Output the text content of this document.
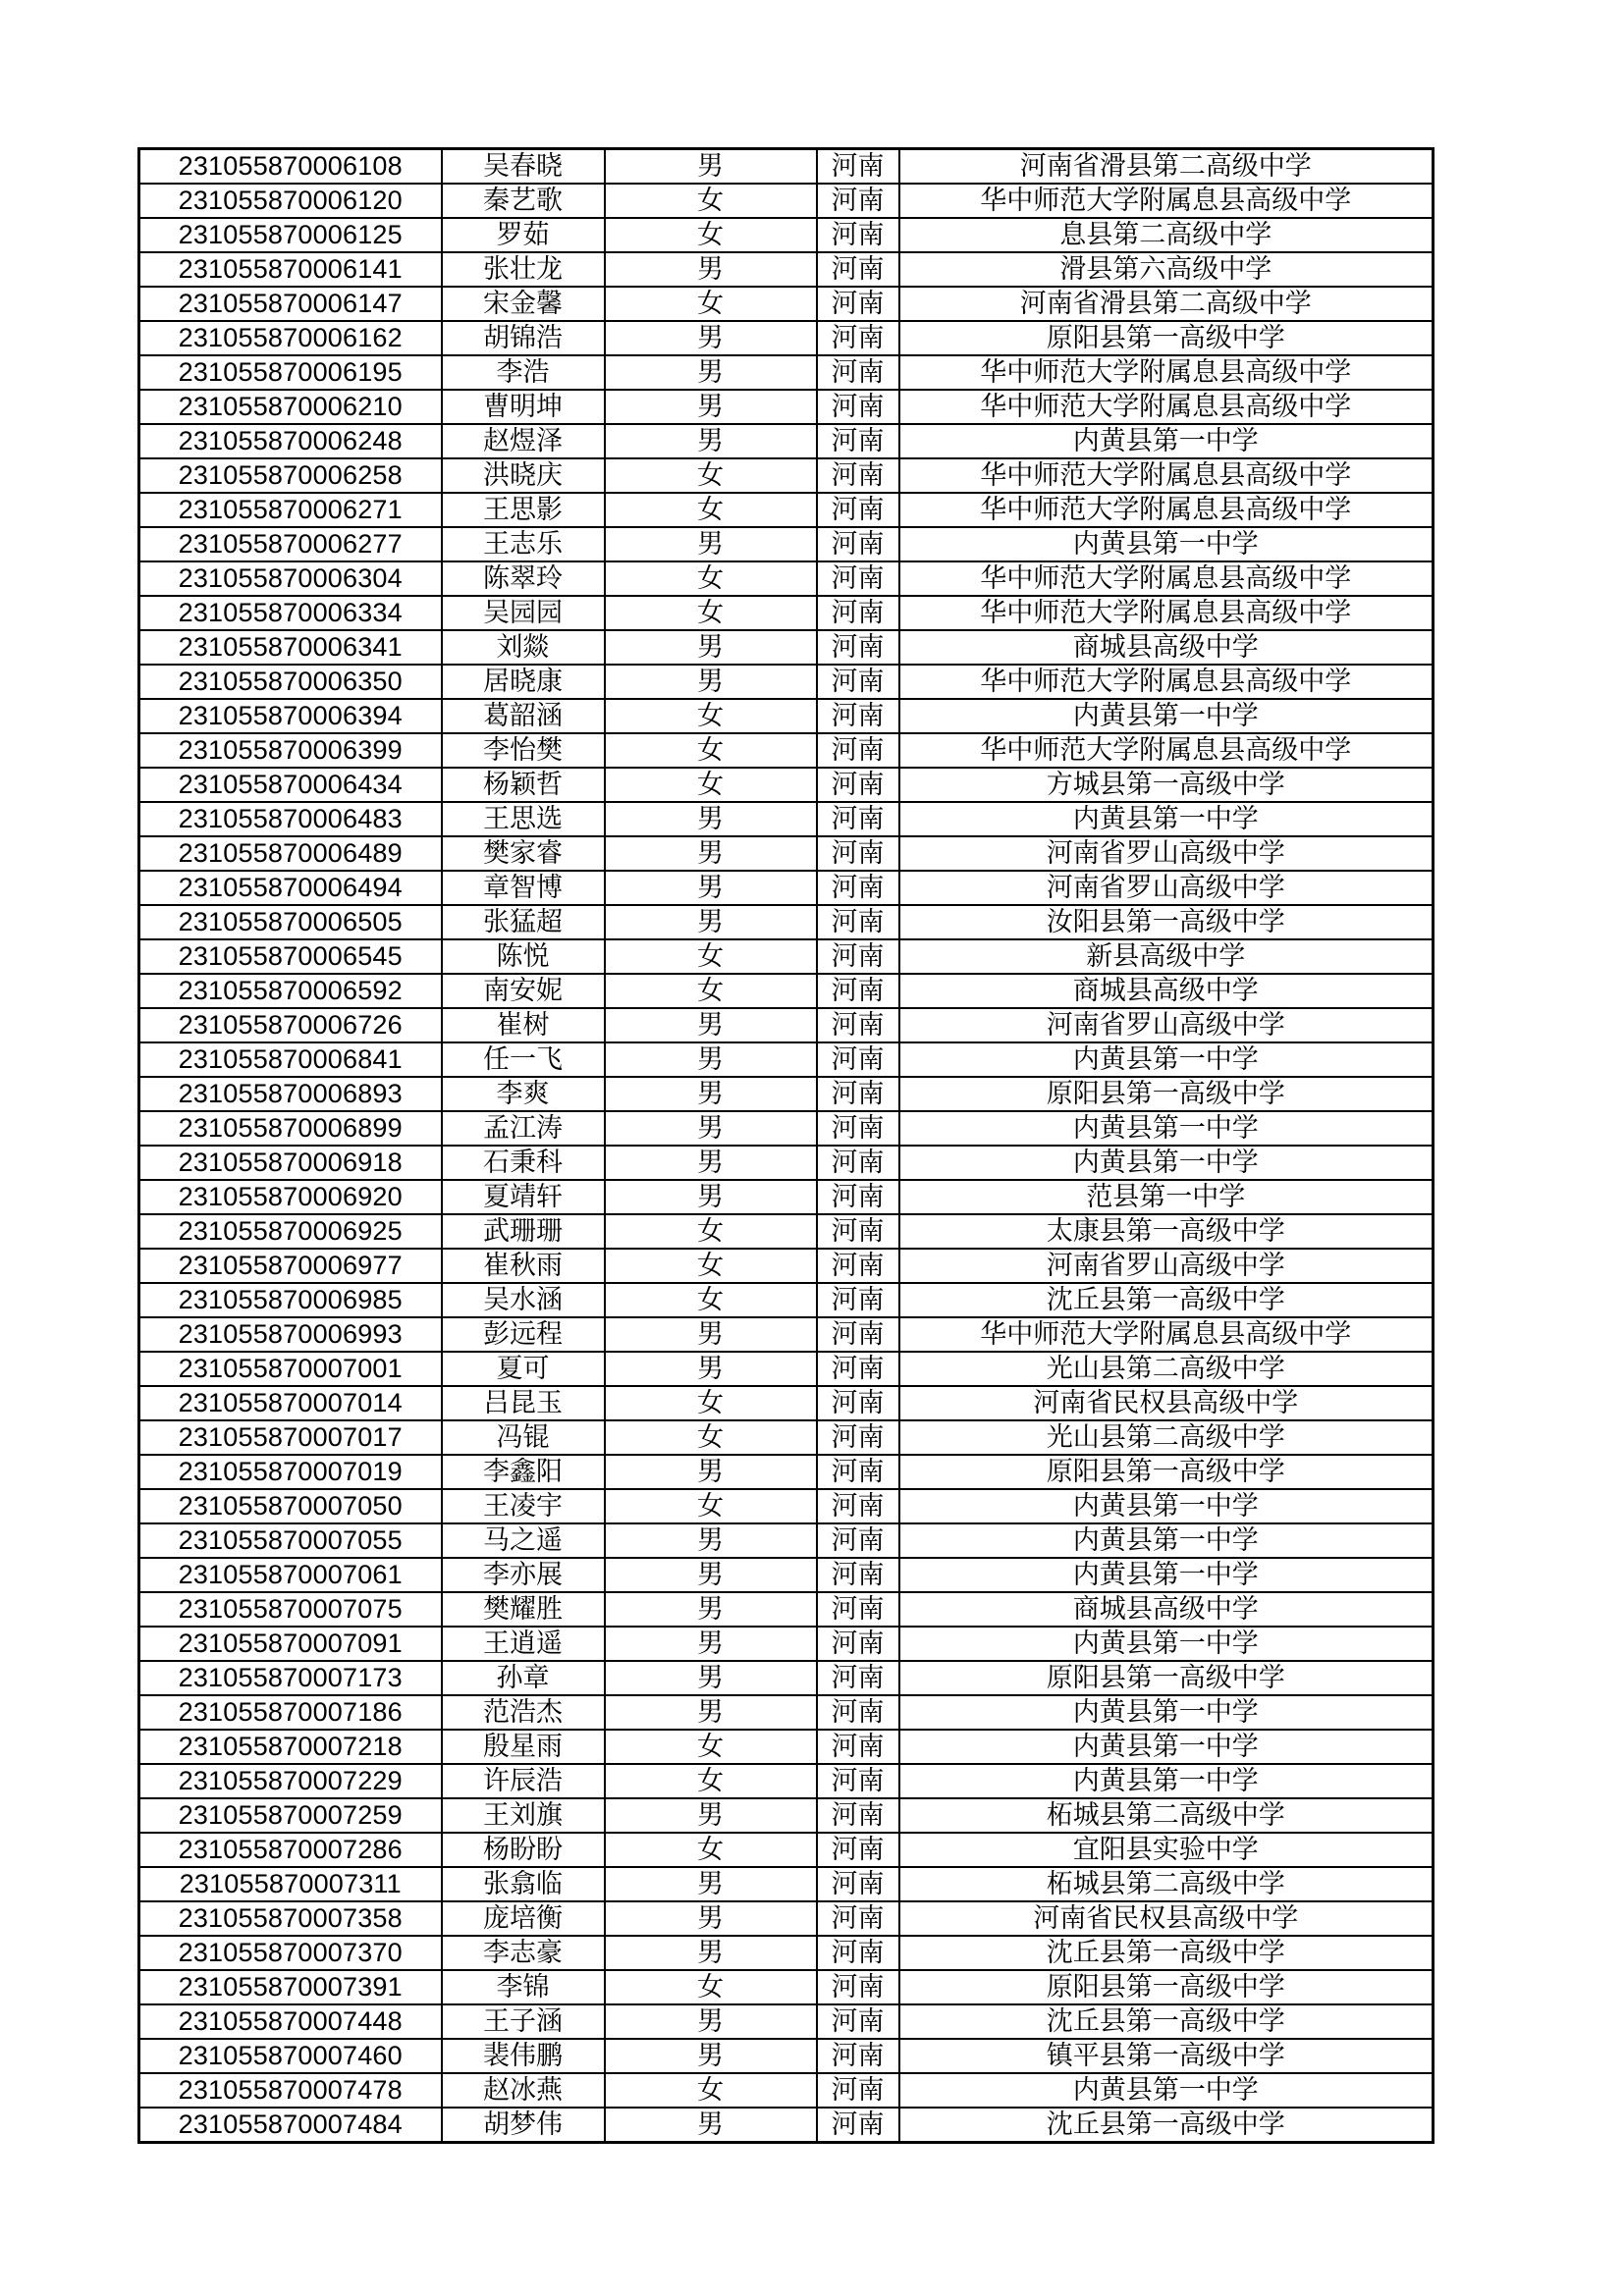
231055870006108	吴春晓	男	河南	河南省滑县第二高级中学
231055870006120	秦艺歌	女	河南	华中师范大学附属息县高级中学
231055870006125	罗茹	女	河南	息县第二高级中学
231055870006141	张壮龙	男	河南	滑县第六高级中学
231055870006147	宋金馨	女	河南	河南省滑县第二高级中学
231055870006162	胡锦浩	男	河南	原阳县第一高级中学
231055870006195	李浩	男	河南	华中师范大学附属息县高级中学
231055870006210	曹明坤	男	河南	华中师范大学附属息县高级中学
231055870006248	赵煜泽	男	河南	内黄县第一中学
231055870006258	洪晓庆	女	河南	华中师范大学附属息县高级中学
231055870006271	王思影	女	河南	华中师范大学附属息县高级中学
231055870006277	王志乐	男	河南	内黄县第一中学
231055870006304	陈翠玲	女	河南	华中师范大学附属息县高级中学
231055870006334	吴园园	女	河南	华中师范大学附属息县高级中学
231055870006341	刘燚	男	河南	商城县高级中学
231055870006350	居晓康	男	河南	华中师范大学附属息县高级中学
231055870006394	葛韶涵	女	河南	内黄县第一中学
231055870006399	李怡樊	女	河南	华中师范大学附属息县高级中学
231055870006434	杨颖哲	女	河南	方城县第一高级中学
231055870006483	王思选	男	河南	内黄县第一中学
231055870006489	樊家睿	男	河南	河南省罗山高级中学
231055870006494	章智博	男	河南	河南省罗山高级中学
231055870006505	张猛超	男	河南	汝阳县第一高级中学
231055870006545	陈悦	女	河南	新县高级中学
231055870006592	南安妮	女	河南	商城县高级中学
231055870006726	崔树	男	河南	河南省罗山高级中学
231055870006841	任一飞	男	河南	内黄县第一中学
231055870006893	李爽	男	河南	原阳县第一高级中学
231055870006899	孟江涛	男	河南	内黄县第一中学
231055870006918	石秉科	男	河南	内黄县第一中学
231055870006920	夏靖轩	男	河南	范县第一中学
231055870006925	武珊珊	女	河南	太康县第一高级中学
231055870006977	崔秋雨	女	河南	河南省罗山高级中学
231055870006985	吴水涵	女	河南	沈丘县第一高级中学
231055870006993	彭远程	男	河南	华中师范大学附属息县高级中学
231055870007001	夏可	男	河南	光山县第二高级中学
231055870007014	吕昆玉	女	河南	河南省民权县高级中学
231055870007017	冯锟	女	河南	光山县第二高级中学
231055870007019	李鑫阳	男	河南	原阳县第一高级中学
231055870007050	王凌宇	女	河南	内黄县第一中学
231055870007055	马之遥	男	河南	内黄县第一中学
231055870007061	李亦展	男	河南	内黄县第一中学
231055870007075	樊耀胜	男	河南	商城县高级中学
231055870007091	王逍遥	男	河南	内黄县第一中学
231055870007173	孙章	男	河南	原阳县第一高级中学
231055870007186	范浩杰	男	河南	内黄县第一中学
231055870007218	殷星雨	女	河南	内黄县第一中学
231055870007229	许辰浩	女	河南	内黄县第一中学
231055870007259	王刘旗	男	河南	柘城县第二高级中学
231055870007286	杨盼盼	女	河南	宜阳县实验中学
231055870007311	张翕临	男	河南	柘城县第二高级中学
231055870007358	庞培衡	男	河南	河南省民权县高级中学
231055870007370	李志豪	男	河南	沈丘县第一高级中学
231055870007391	李锦	女	河南	原阳县第一高级中学
231055870007448	王子涵	男	河南	沈丘县第一高级中学
231055870007460	裴伟鹏	男	河南	镇平县第一高级中学
231055870007478	赵冰燕	女	河南	内黄县第一中学
231055870007484	胡梦伟	男	河南	沈丘县第一高级中学
